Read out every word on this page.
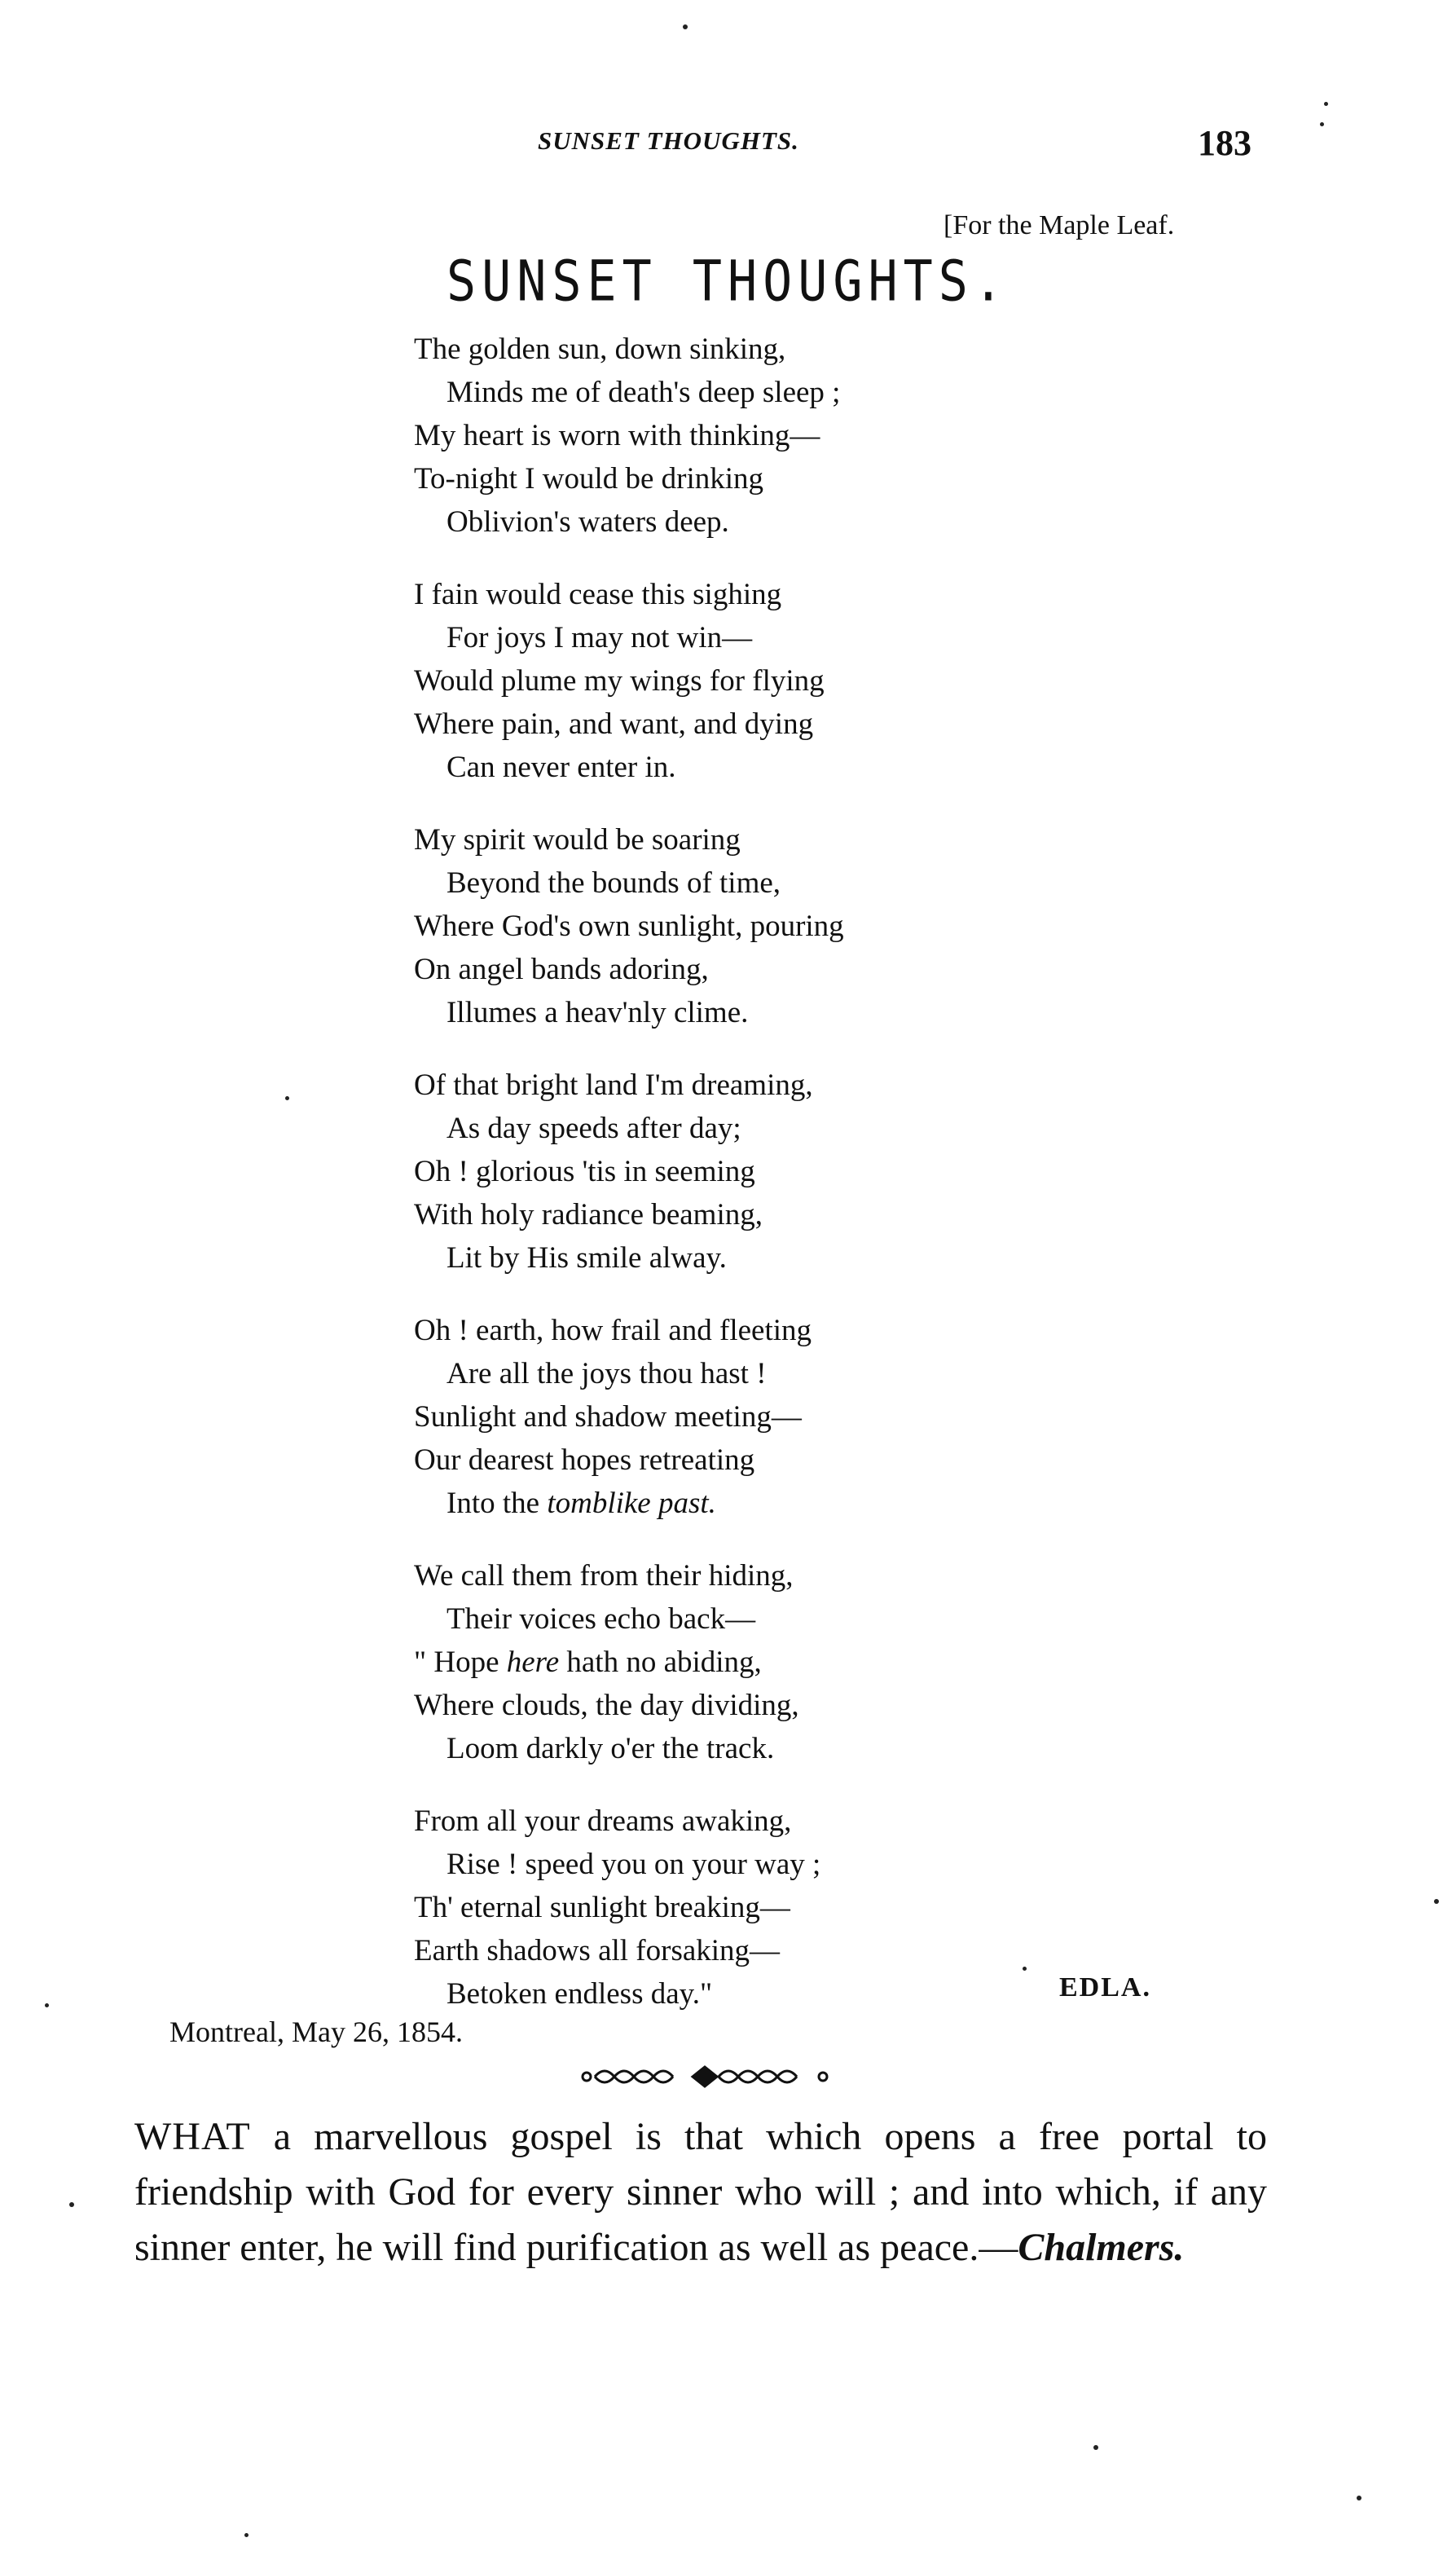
SUNSET THOUGHTS.	183
[For the Maple Leaf.
SUNSET THOUGHTS.
The golden sun, down sinking,
Minds me of death's deep sleep ;
My heart is worn with thinking—
To-night I would be drinking
Oblivion's waters deep.
I fain would cease this sighing
For joys I may not win—
Would plume my wings for flying
Where pain, and want, and dying
Can never enter in.
My spirit would be soaring
Beyond the bounds of time,
Where God's own sunlight, pouring
On angel bands adoring,
Illumes a heav'nly clime.
Of that bright land I'm dreaming,
As day speeds after day;
Oh ! glorious 'tis in seeming
With holy radiance beaming,
Lit by His smile alway.
Oh ! earth, how frail and fleeting
Are all the joys thou hast !
Sunlight and shadow meeting—
Our dearest hopes retreating
Into the tomblike past.
We call them from their hiding,
Their voices echo back—
" Hope here hath no abiding,
Where clouds, the day dividing,
Loom darkly o'er the track.
From all your dreams awaking,
Rise ! speed you on your way ;
Th' eternal sunlight breaking—
Earth shadows all forsaking—
Betoken endless day."	EDLA.
Montreal, May 26, 1854.
WHAT a marvellous gospel is that which opens a free portal to friendship with God for every sinner who will ; and into which, if any sinner enter, he will find purification as well as peace.—Chalmers.
